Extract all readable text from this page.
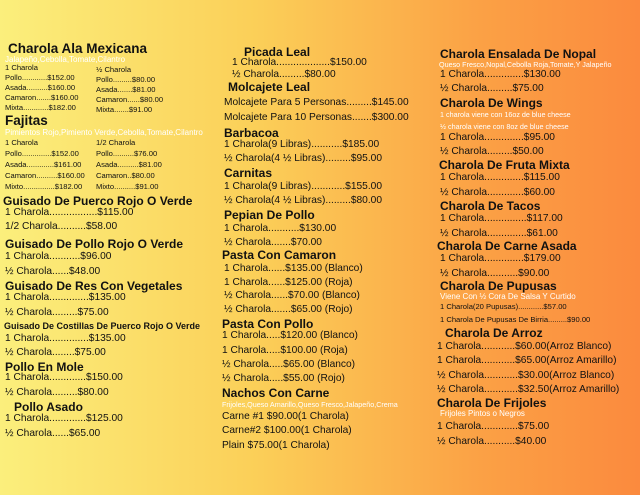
Charola Ala Mexicana
Jalapeño,Cebolla,Tomate,Cilantro
1 Charola
Pollo............$152.00
Asada..........$160.00
Camaron.......$160.00
Mixta............$182.00
½ Charola
Pollo.........$80.00
Asada.......$81.00
Camaron......$80.00
Mixta.......$91.00
Fajitas
Pimientos Rojo,Pimiento Verde,Cebolla,Tomate,Cilantro
1 Charola
Pollo..............$152.00
Asada.............$161.00
Camaron..........$160.00
Mixto...............$182.00
1/2 Charola
Pollo..........$76.00
Asada..........$81.00
Camaron..$80.00
Mixto..........$91.00
Guisado De Puerco Rojo O Verde
1 Charola.................$115.00
1/2 Charola..........$58.00
Guisado De Pollo Rojo O Verde
1 Charola...........$96.00
½ Charola......$48.00
Guisado De Res Con Vegetales
1 Charola..............$135.00
½ Charola.........$75.00
Guisado De Costillas De Puerco Rojo O Verde
1 Charola..............$135.00
½ Charola........$75.00
Pollo En Mole
1 Charola.............$150.00
½ Charola.........$80.00
Pollo Asado
1 Charola.............$125.00
½ Charola......$65.00
Picada Leal
1 Charola...................$150.00
½ Charola.........$80.00
Molcajete Leal
Molcajete Para 5 Personas.........$145.00
Molcajete Para 10 Personas.......$300.00
Barbacoa
1 Charola(9 Libras)...........$185.00
½ Charola(4 ½ Libras).........$95.00
Carnitas
1 Charola(9 Libras)............$155.00
½ Charola(4 ½ Libras).........$80.00
Pepian De Pollo
1 Charola...........$130.00
½ Charola.......$70.00
Pasta Con Camaron
1 Charola......$135.00 (Blanco)
1 Charola......$125.00 (Roja)
½ Charola......$70.00 (Blanco)
½ Charola.......$65.00 (Rojo)
Pasta Con Pollo
1 Charola.....$120.00 (Blanco)
1 Charola.....$100.00 (Roja)
½ Charola.....$65.00 (Blanco)
½ Charola.....$55.00 (Rojo)
Nachos Con Carne
Frijoles,Queso Amarillo,Queso Fresco,Jalapeño,Crema
Carne #1 $90.00(1 Charola)
Carne#2 $100.00(1 Charola)
Plain $75.00(1 Charola)
Charola Ensalada De Nopal
Queso Fresco,Nopal,Cebolla Roja,Tomate,Y Jalapeño
1 Charola..............$130.00
½ Charola.........$75.00
Charola De Wings
1 charola viene con 16oz de blue cheese
½ charola viene con 8oz de blue cheese
1 Charola..............$95.00
½ Charola.........$50.00
Charola De Fruta Mixta
1 Charola..............$115.00
½ Charola.............$60.00
Charola De Tacos
1 Charola...............$117.00
½ Charola..............$61.00
Charola De Carne Asada
1 Charola..............$179.00
½ Charola...........$90.00
Charola De Pupusas
Viene Con ½ Cora De Salsa Y Curtido
1 Charola(20 Pupusas)............$57.00
1 Charola De Pupusas De Birria.........$90.00
Charola De Arroz
1 Charola............$60.00(Arroz Blanco)
1 Charola............$65.00(Arroz Amarillo)
½ Charola............$30.00(Arroz Blanco)
½ Charola............$32.50(Arroz Amarillo)
Charola De Frijoles
Frijoles Pintos o Negros
1 Charola.............$75.00
½ Charola...........$40.00
